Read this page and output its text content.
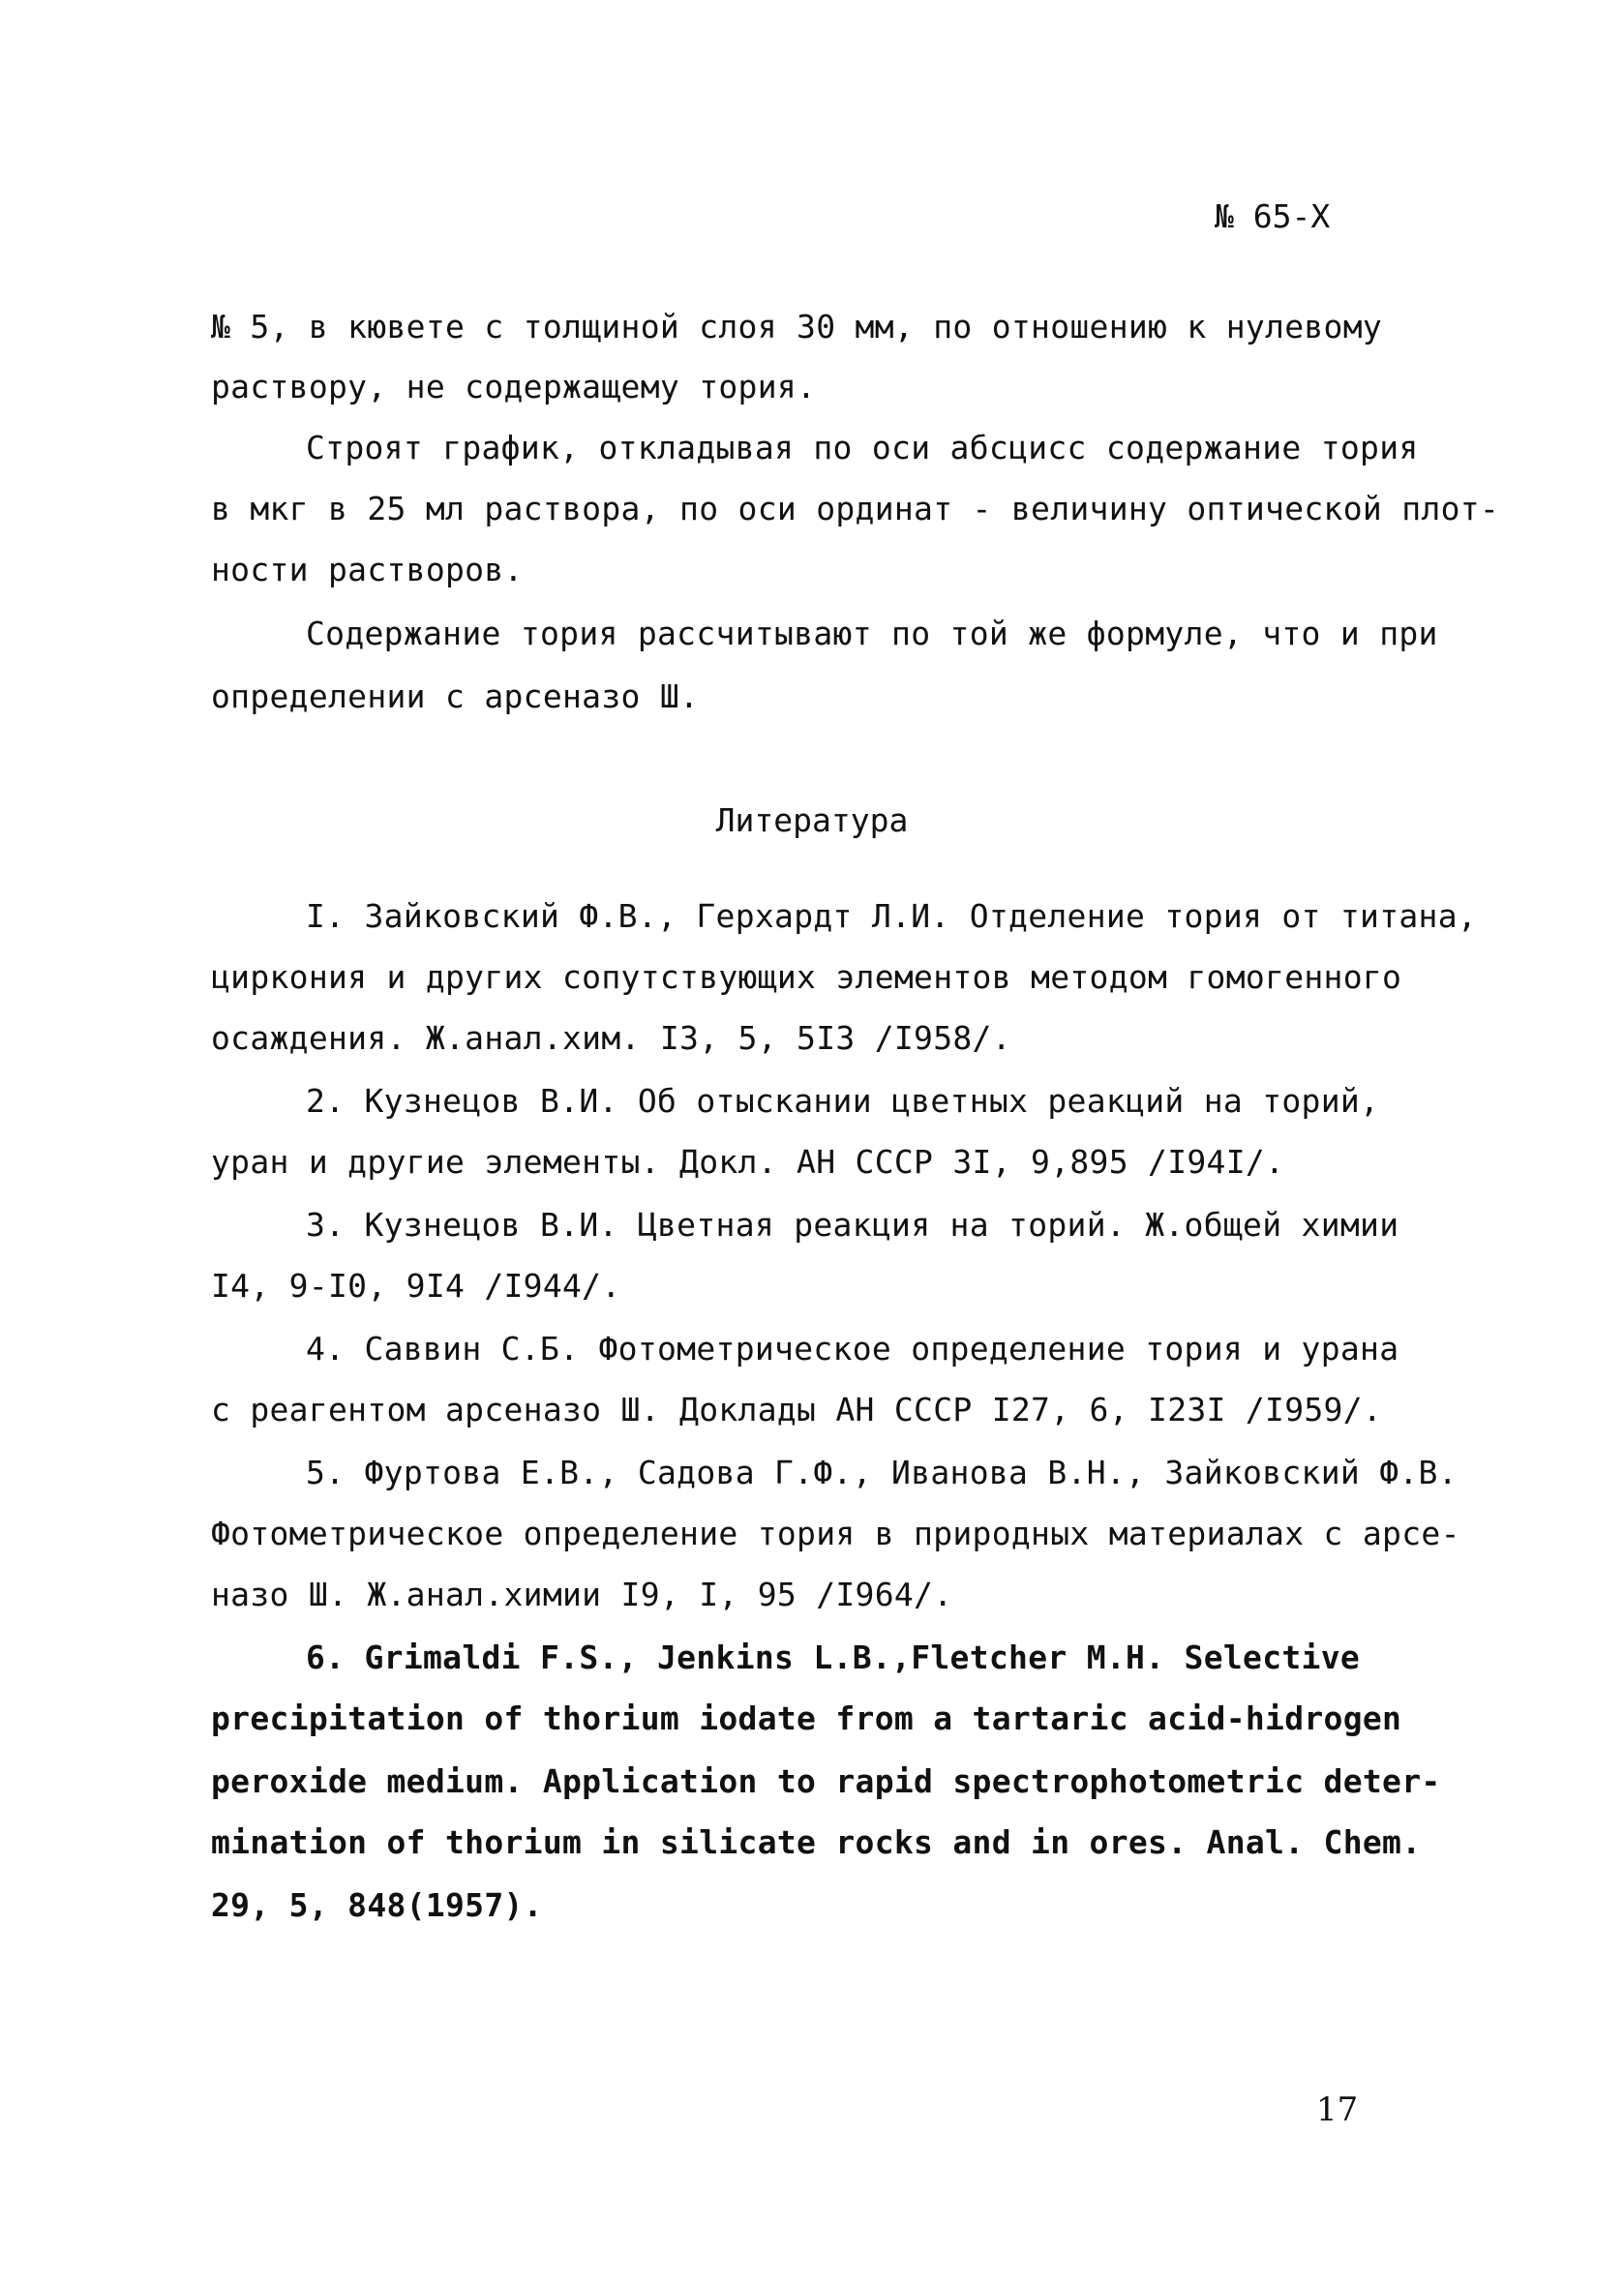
№ 65-Х
№ 5, в кювете с толщиной слоя 30 мм, по отношению к нулевому
раствору, не содержащему тория.
Строят график, откладывая по оси абсцисс содержание тория
в мкг в 25 мл раствора, по оси ординат - величину оптической плот-
ности растворов.
Содержание тория рассчитывают по той же формуле, что и при
определении с арсеназо Ш.
Литература
I. Зайковский Ф.В., Герхардт Л.И. Отделение тория от титана,
циркония и других сопутствующих элементов методом гомогенного
осаждения. Ж.анал.хим. I3, 5, 5I3 /I958/.
2. Кузнецов В.И. Об отыскании цветных реакций на торий,
уран и другие элементы. Докл. АН СССР 3I, 9,895 /I94I/.
3. Кузнецов В.И. Цветная реакция на торий. Ж.общей химии
I4, 9-I0, 9I4 /I944/.
4. Саввин С.Б. Фотометрическое определение тория и урана
с реагентом арсеназо Ш. Доклады АН СССР I27, 6, I23I /I959/.
5. Фуртова Е.В., Садова Г.Ф., Иванова В.Н., Зайковский Ф.В.
Фотометрическое определение тория в природных материалах с арсе-
назо Ш. Ж.анал.химии I9, I, 95 /I964/.
6. Grimaldi F.S., Jenkins L.B.,Fletcher M.H. Selective
precipitation of thorium iodate from a tartaric acid-hidrogen
peroxide medium. Application to rapid spectrophotometric deter-
mination of thorium in silicate rocks and in ores. Anal. Chem.
29, 5, 848(1957).
17
